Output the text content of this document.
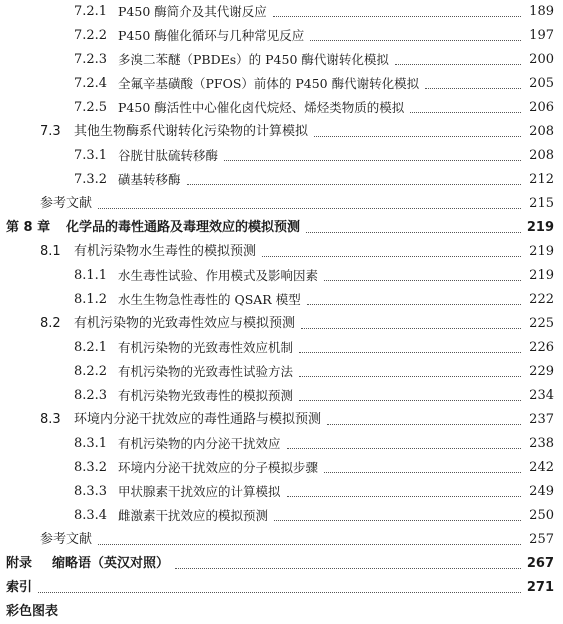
7.2.1 P450 酶简介及其代谢反应	189
7.2.2 P450 酶催化循环与几种常见反应	197
7.2.3 多溴二苯醚（PBDEs）的 P450 酶代谢转化模拟	200
7.2.4 全氟辛基磺酸（PFOS）前体的 P450 酶代谢转化模拟	205
7.2.5 P450 酶活性中心催化卤代烷烃、烯烃类物质的模拟	206
7.3 其他生物酶系代谢转化污染物的计算模拟	208
7.3.1 谷胱甘肽硫转移酶	208
7.3.2 磺基转移酶	212
参考文献	215
第 8 章 化学品的毒性通路及毒理效应的模拟预测	219
8.1 有机污染物水生毒性的模拟预测	219
8.1.1 水生毒性试验、作用模式及影响因素	219
8.1.2 水生生物急性毒性的 QSAR 模型	222
8.2 有机污染物的光致毒性效应与模拟预测	225
8.2.1 有机污染物的光致毒性效应机制	226
8.2.2 有机污染物的光致毒性试验方法	229
8.2.3 有机污染物光致毒性的模拟预测	234
8.3 环境内分泌干扰效应的毒性通路与模拟预测	237
8.3.1 有机污染物的内分泌干扰效应	238
8.3.2 环境内分泌干扰效应的分子模拟步骤	242
8.3.3 甲状腺素干扰效应的计算模拟	249
8.3.4 雌激素干扰效应的模拟预测	250
参考文献	257
附录 缩略语（英汉对照）	267
索引	271
彩色图表
